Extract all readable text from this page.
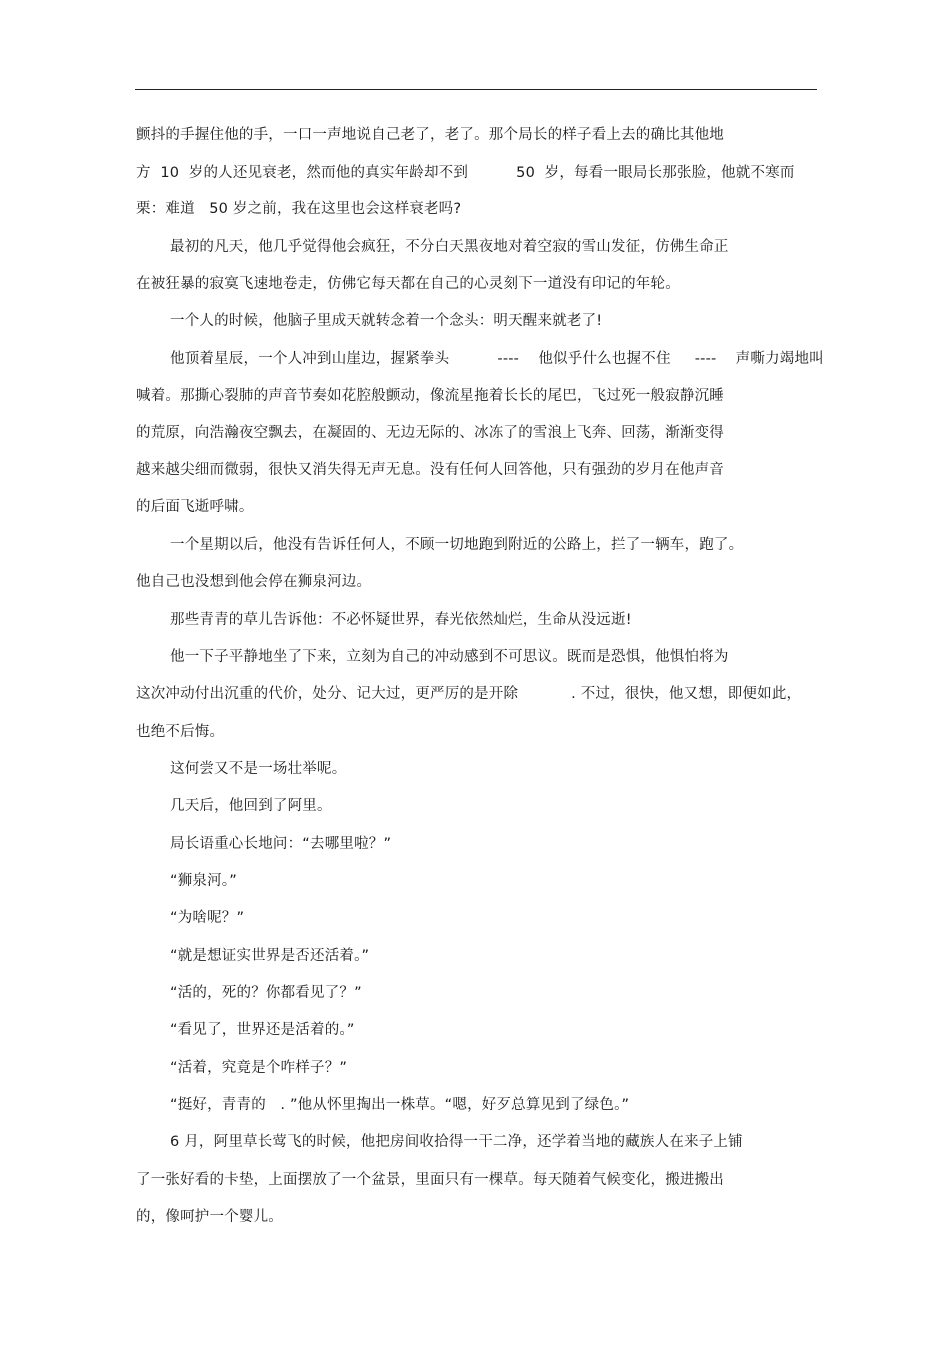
颤抖的手握住他的手，一口一声地说自己老了，老了。那个局长的样子看上去的确比其他地
方  10  岁的人还见衰老，然而他的真实年龄却不到          50  岁，每看一眼局长那张脸，他就不寒而
栗：难道   50 岁之前，我在这里也会这样衰老吗?
最初的凡天，他几乎觉得他会疯狂，不分白天黑夜地对着空寂的雪山发征，仿佛生命正
在被狂暴的寂寞飞速地卷走，仿佛它每天都在自己的心灵刻下一道没有印记的年轮。
一个人的时候，他脑子里成天就转念着一个念头：明天醒来就老了!
他顶着星辰，一个人冲到山崖边，握紧拳头          ----    他似乎什么也握不住     ----    声嘶力竭地叫
喊着。那撕心裂肺的声音节奏如花腔般颤动，像流星拖着长长的尾巴，飞过死一般寂静沉睡
的荒原，向浩瀚夜空飘去，在凝固的、无边无际的、冰冻了的雪浪上飞奔、回荡，渐渐变得
越来越尖细而微弱，很快又消失得无声无息。没有任何人回答他，只有强劲的岁月在他声音
的后面飞逝呼啸。
一个星期以后，他没有告诉任何人，不顾一切地跑到附近的公路上，拦了一辆车，跑了。
他自己也没想到他会停在狮泉河边。
那些青青的草儿告诉他：不必怀疑世界，春光依然灿烂，生命从没远逝!
他一下子平静地坐了下来，立刻为自己的冲动感到不可思议。既而是恐惧，他惧怕将为
这次冲动付出沉重的代价，处分、记大过，更严厉的是开除           . 不过，很快，他又想，即便如此，
也绝不后悔。
这何尝又不是一场壮举呢。
几天后，他回到了阿里。
局长语重心长地问：“去哪里啦？”
“狮泉河。”
“为啥呢？”
“就是想证实世界是否还活着。”
“活的，死的？你都看见了？”
“看见了，世界还是活着的。”
“活着，究竟是个咋样子？”
“挺好，青青的   . ”他从怀里掏出一株草。“嗯，好歹总算见到了绿色。”
6 月，阿里草长莺飞的时候，他把房间收拾得一干二净，还学着当地的藏族人在来子上铺
了一张好看的卡垫，上面摆放了一个盆景，里面只有一棵草。每天随着气候变化，搬进搬出
的，像呵护一个婴儿。
